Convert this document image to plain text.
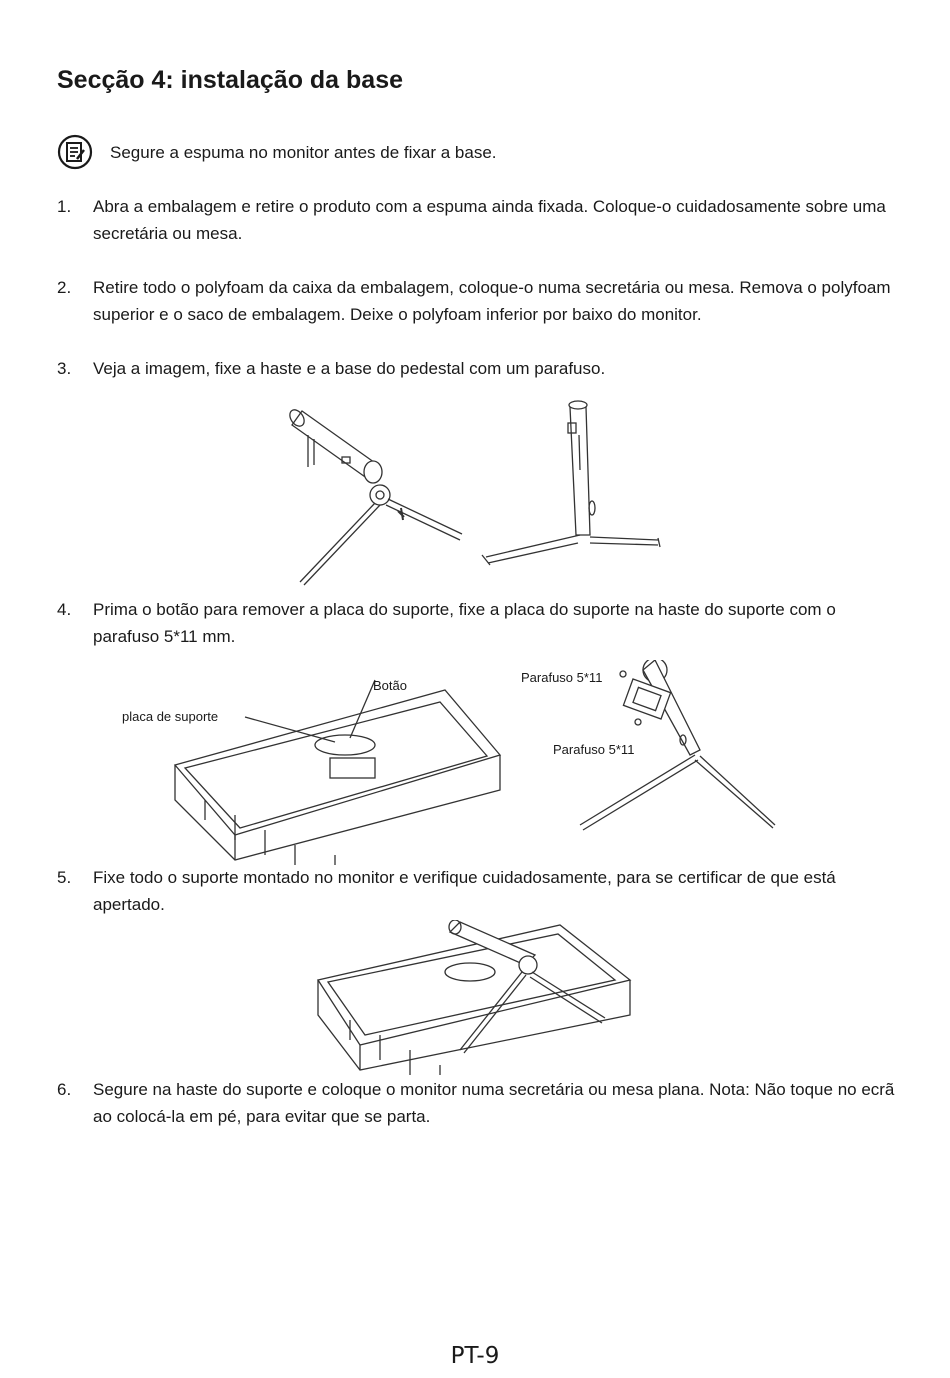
Secção 4: instalação da base
Segure a espuma no monitor antes de fixar a base.
1.	Abra a embalagem e retire o produto com a espuma ainda fixada. Coloque-o cuidadosamente sobre uma secretária ou mesa.
2.	Retire todo o polyfoam da caixa da embalagem, coloque-o numa secretária ou mesa. Remova o polyfoam superior e o saco de embalagem. Deixe o polyfoam inferior por baixo do monitor.
3.	Veja a imagem, fixe a haste e a base do pedestal com um parafuso.
4.	Prima o botão para remover a placa do suporte, fixe a placa do suporte na haste do suporte com o parafuso 5*11 mm.
Botão
placa de suporte
Parafuso 5*11
Parafuso 5*11
5.	Fixe todo o suporte montado no monitor e verifique cuidadosamente, para se certificar de que está apertado.
6.	Segure na haste do suporte e coloque o monitor numa secretária ou mesa plana. Nota: Não toque no ecrã ao colocá-la em pé, para evitar que se parta.
PT-9
